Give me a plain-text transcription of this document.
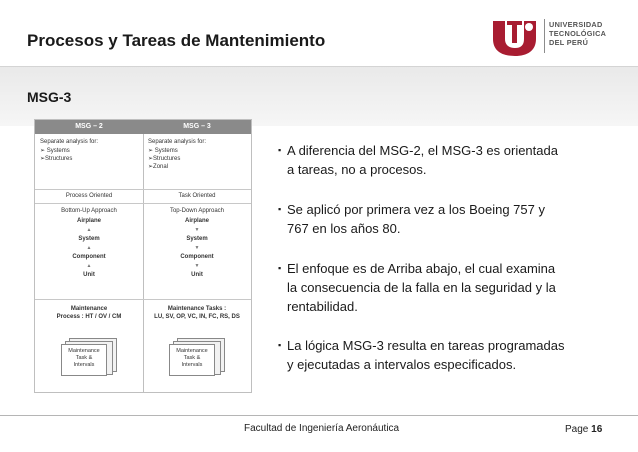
Procesos y Tareas de Mantenimiento
UNIVERSIDAD
TECNOLÓGICA
DEL PERÚ
MSG-3
MSG – 2
Separate analysis for:
➢ Systems
➢Structures
Process Oriented
Bottom-Up Approach
Airplane
▲
System
▲
Component
▲
Unit
Maintenance
Process : HT / OV / CM
Maintenance
Task &
Intervals
MSG – 3
Separate analysis for:
➢ Systems
➢Structures
➢Zonal
Task Oriented
Top-Down Approach
Airplane
▼
System
▼
Component
▼
Unit
Maintenance Tasks :
LU, SV, OP, VC, IN, FC, RS, DS
Maintenance
Task &
Intervals
▪ A diferencia del MSG-2, el MSG-3 es orientada
a tareas, no a procesos.
▪ Se aplicó por primera vez a los Boeing 757 y
767 en los años 80.
▪ El enfoque es de Arriba abajo, el cual examina
la consecuencia de la falla en la seguridad y la
rentabilidad.
▪ La lógica MSG-3 resulta en tareas programadas
y ejecutadas a intervalos especificados.
Facultad de Ingeniería Aeronáutica	Page 16
